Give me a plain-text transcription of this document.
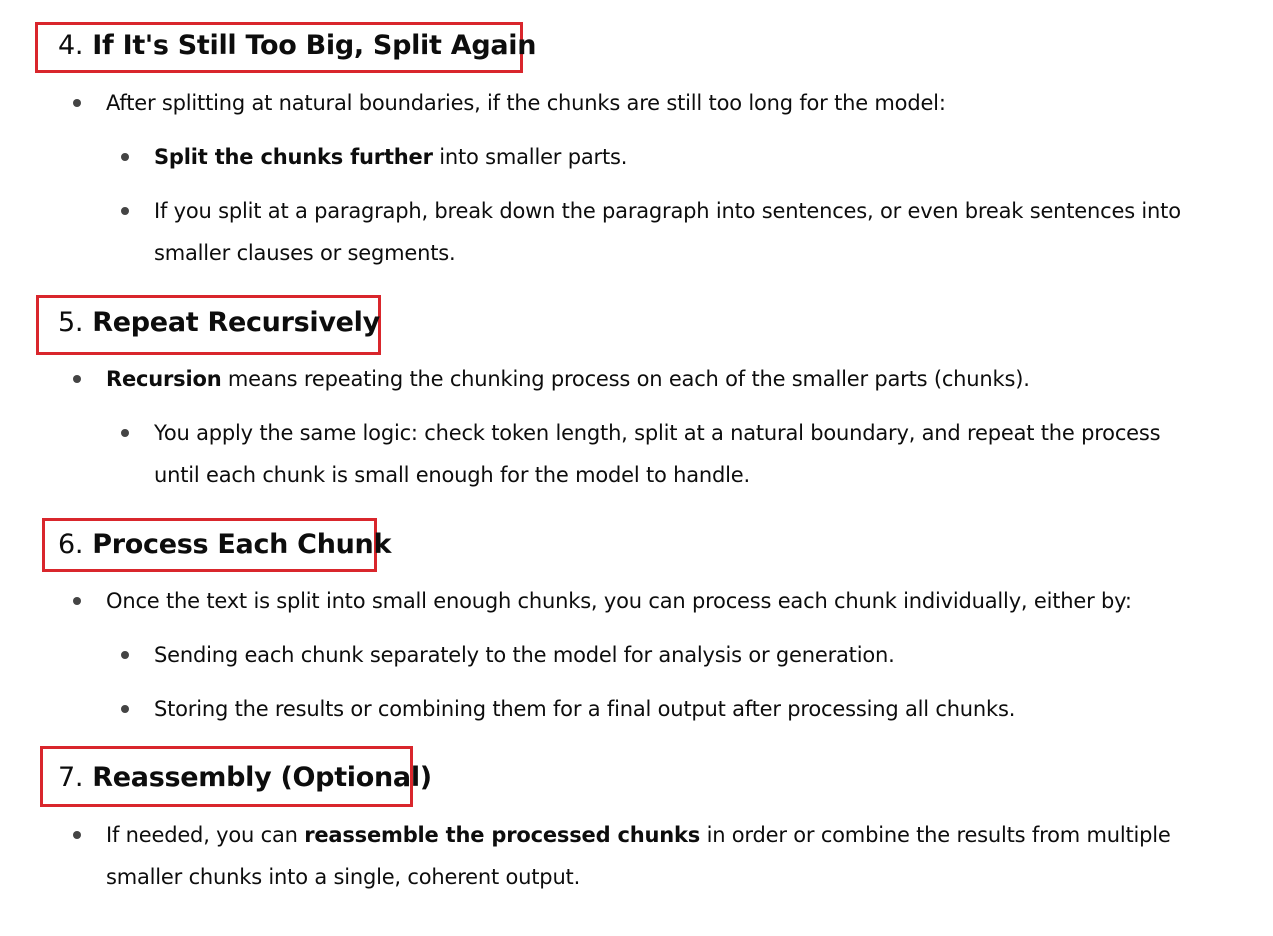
4. If It's Still Too Big, Split Again
After splitting at natural boundaries, if the chunks are still too long for the model:
Split the chunks further into smaller parts.
If you split at a paragraph, break down the paragraph into sentences, or even break sentences into smaller clauses or segments.
5. Repeat Recursively
Recursion means repeating the chunking process on each of the smaller parts (chunks).
You apply the same logic: check token length, split at a natural boundary, and repeat the process until each chunk is small enough for the model to handle.
6. Process Each Chunk
Once the text is split into small enough chunks, you can process each chunk individually, either by:
Sending each chunk separately to the model for analysis or generation.
Storing the results or combining them for a final output after processing all chunks.
7. Reassembly (Optional)
If needed, you can reassemble the processed chunks in order or combine the results from multiple smaller chunks into a single, coherent output.
